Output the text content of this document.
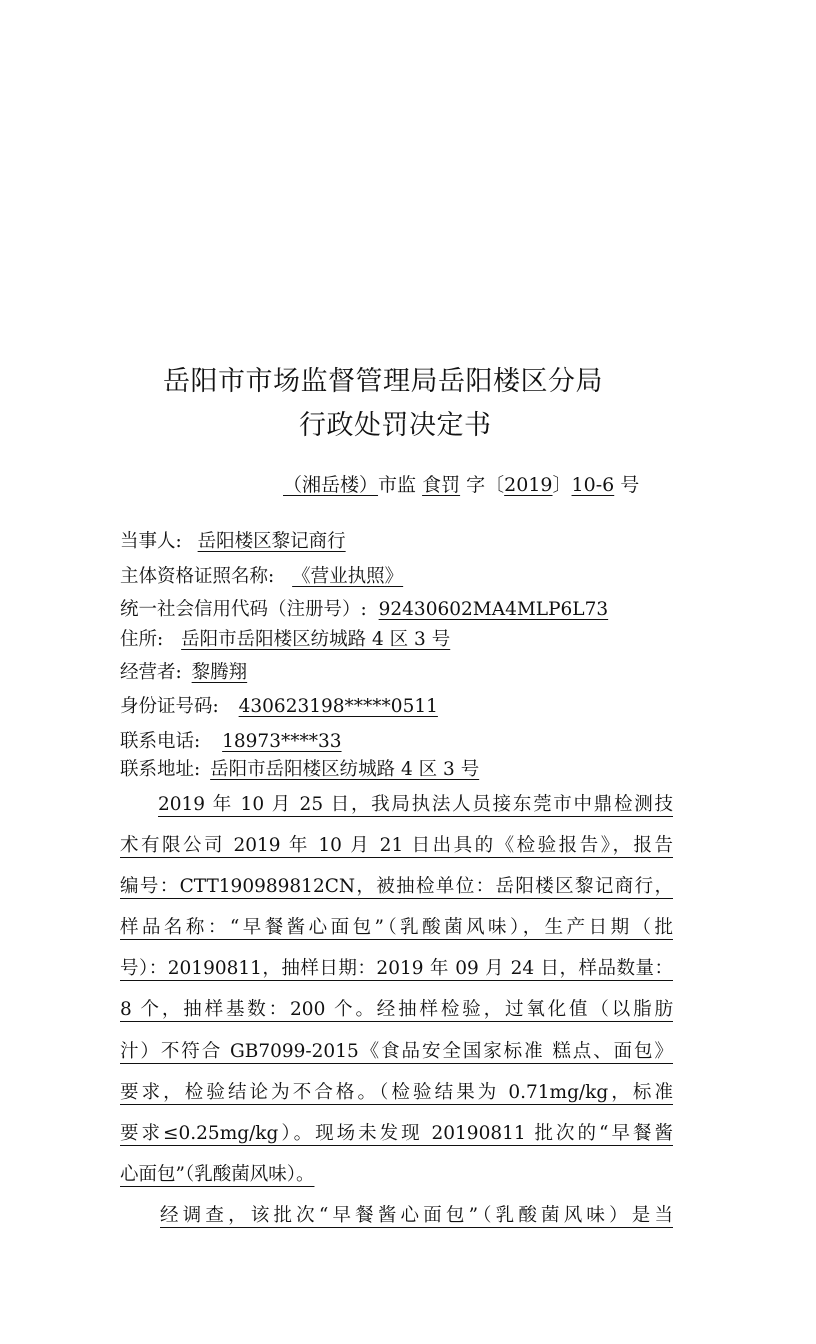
岳阳市市场监督管理局岳阳楼区分局
行政处罚决定书
（湘岳楼）市监 食罚 字〔2019〕10-6 号
当事人: 岳阳楼区黎记商行
主体资格证照名称: 《营业执照》
统一社会信用代码（注册号）: 92430602MA4MLP6L73
住所: 岳阳市岳阳楼区纺城路 4 区 3 号
经营者: 黎腾翔
身份证号码: 430623198*****0511
联系电话: 18973****33
联系地址: 岳阳市岳阳楼区纺城路 4 区 3 号
2019 年 10 月 25 日，我局执法人员接东莞市中鼎检测技
术有限公司 2019 年 10 月 21 日出具的《检验报告》，报告
编号：CTT190989812CN，被抽检单位：岳阳楼区黎记商行，
样品名称：“早餐酱心面包”（乳酸菌风味），生产日期（批
号）：20190811，抽样日期：2019 年 09 月 24 日，样品数量：
8 个，抽样基数：200 个。经抽样检验，过氧化值（以脂肪
汁）不符合 GB7099-2015《食品安全国家标准 糕点、面包》
要求，检验结论为不合格。（检验结果为 0.71mg/kg，标准
要求≤0.25mg/kg）。现场未发现 20190811 批次的“早餐酱
心面包”（乳酸菌风味）。
经调查，该批次“早餐酱心面包”（乳酸菌风味）是当
